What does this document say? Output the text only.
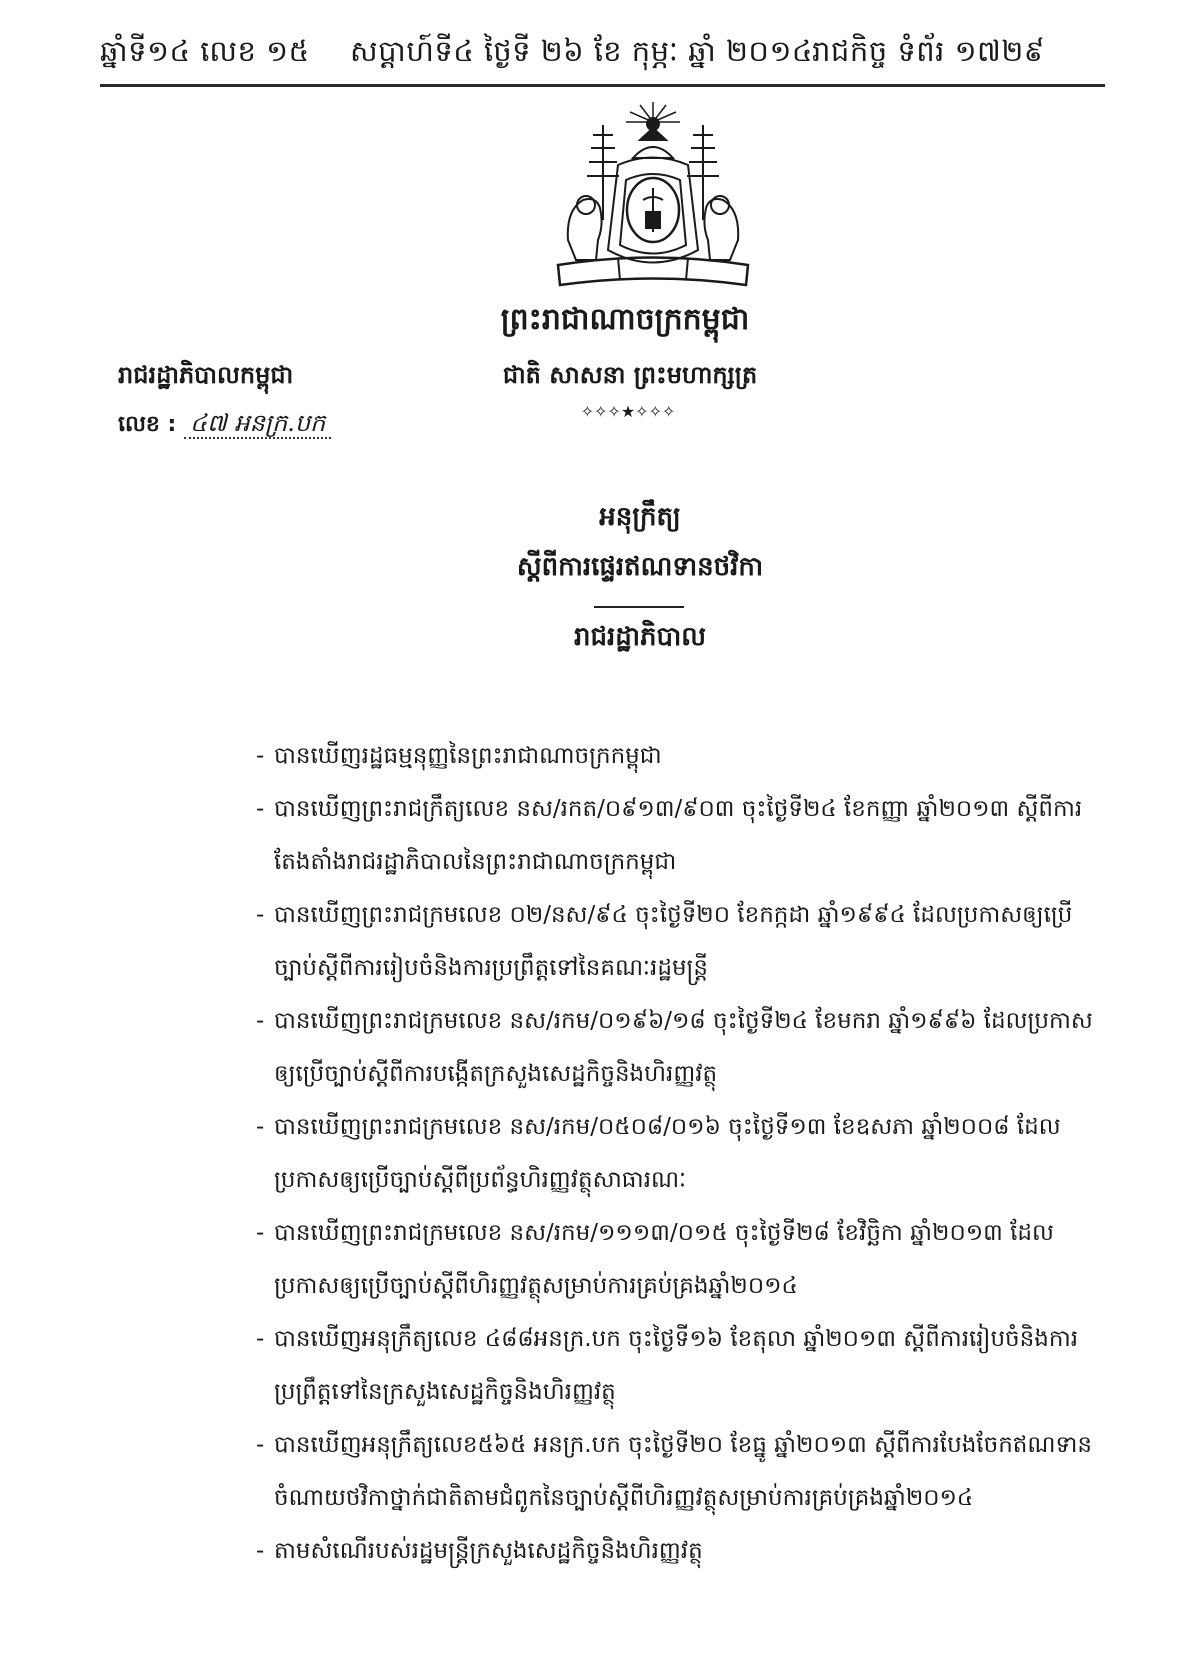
ឆ្នាំទី១៤ លេខ ១៥ សប្តាហ៍ទី៤ ថ្ងៃទី ២៦ ខែ កុម្ភៈ ឆ្នាំ ២០១៤ រាជកិច្ច ទំព័រ ១៧២៩
ព្រះរាជាណាចក្រកម្ពុជា
ជាតិ សាសនា ព្រះមហាក្សត្រ
✧✧✧★✧✧✧
រាជរដ្ឋាភិបាលកម្ពុជា
លេខ : ៤៧ អនក្រ.បក
អនុក្រឹត្យ
ស្តីពីការផ្ទេរឥណទានថវិកា
រាជរដ្ឋាភិបាល
- បានឃើញរដ្ឋធម្មនុញ្ញនៃព្រះរាជាណាចក្រកម្ពុជា
- បានឃើញព្រះរាជក្រឹត្យលេខ នស/រកត/០៩១៣/៩០៣ ចុះថ្ងៃទី២៤ ខែកញ្ញា ឆ្នាំ២០១៣ ស្តីពីការតែងតាំងរាជរដ្ឋាភិបាលនៃព្រះរាជាណាចក្រកម្ពុជា
- បានឃើញព្រះរាជក្រមលេខ ០២/នស/៩៤ ចុះថ្ងៃទី២០ ខែកក្កដា ឆ្នាំ១៩៩៤ ដែលប្រកាសឲ្យប្រើច្បាប់ស្តីពីការរៀបចំនិងការប្រព្រឹត្តទៅនៃគណៈរដ្ឋមន្ត្រី
- បានឃើញព្រះរាជក្រមលេខ នស/រកម/០១៩៦/១៨ ចុះថ្ងៃទី២៤ ខែមករា ឆ្នាំ១៩៩៦ ដែលប្រកាសឲ្យប្រើច្បាប់ស្តីពីការបង្កើតក្រសួងសេដ្ឋកិច្ចនិងហិរញ្ញវត្ថុ
- បានឃើញព្រះរាជក្រមលេខ នស/រកម/០៥០៨/០១៦ ចុះថ្ងៃទី១៣ ខែឧសភា ឆ្នាំ២០០៨ ដែលប្រកាសឲ្យប្រើច្បាប់ស្តីពីប្រព័ន្ធហិរញ្ញវត្ថុសាធារណៈ
- បានឃើញព្រះរាជក្រមលេខ នស/រកម/១១១៣/០១៥ ចុះថ្ងៃទី២៨ ខែវិច្ឆិកា ឆ្នាំ២០១៣ ដែលប្រកាសឲ្យប្រើច្បាប់ស្តីពីហិរញ្ញវត្ថុសម្រាប់ការគ្រប់គ្រងឆ្នាំ២០១៤
- បានឃើញអនុក្រឹត្យលេខ ៤៨៨អនក្រ.បក ចុះថ្ងៃទី១៦ ខែតុលា ឆ្នាំ២០១៣ ស្តីពីការរៀបចំនិងការប្រព្រឹត្តទៅនៃក្រសួងសេដ្ឋកិច្ចនិងហិរញ្ញវត្ថុ
- បានឃើញអនុក្រឹត្យលេខ៥៦៥ អនក្រ.បក ចុះថ្ងៃទី២០ ខែធ្នូ ឆ្នាំ២០១៣ ស្តីពីការបែងចែកឥណទានចំណាយថវិកាថ្នាក់ជាតិតាមជំពូកនៃច្បាប់ស្តីពីហិរញ្ញវត្ថុសម្រាប់ការគ្រប់គ្រងឆ្នាំ២០១៤
- តាមសំណើរបស់រដ្ឋមន្ត្រីក្រសួងសេដ្ឋកិច្ចនិងហិរញ្ញវត្ថុ
